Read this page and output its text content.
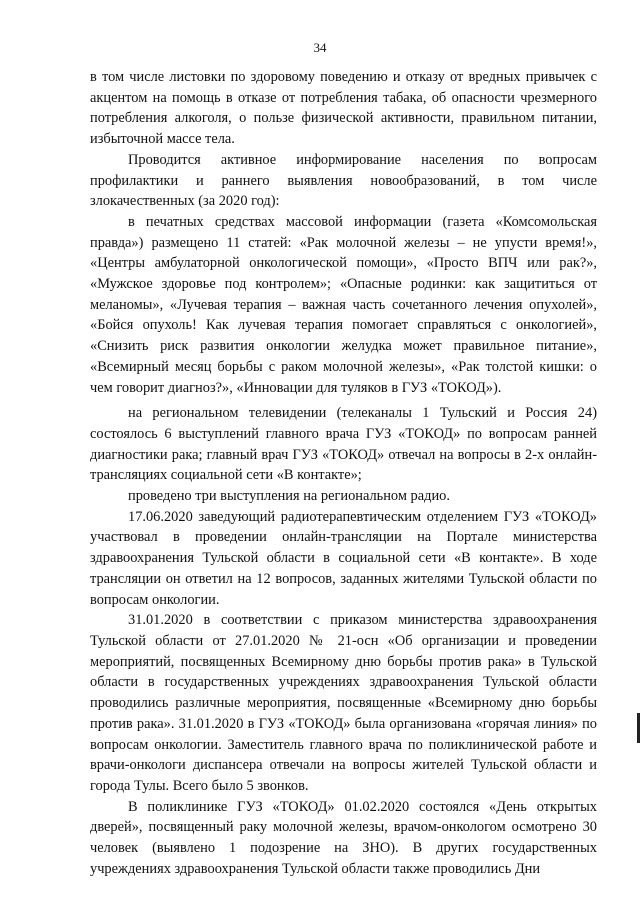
34

в том числе листовки по здоровому поведению и отказу от вредных привычек с акцентом на помощь в отказе от потребления табака, об опасности чрезмерного потребления алкоголя, о пользе физической активности, правильном питании, избыточной массе тела.

Проводится активное информирование населения по вопросам профилактики и раннего выявления новообразований, в том числе злокачественных (за 2020 год):

в печатных средствах массовой информации (газета «Комсомольская правда») размещено 11 статей: «Рак молочной железы – не упусти время!», «Центры амбулаторной онкологической помощи», «Просто ВПЧ или рак?», «Мужское здоровье под контролем»; «Опасные родинки: как защититься от меланомы», «Лучевая терапия – важная часть сочетанного лечения опухолей», «Бойся опухоль! Как лучевая терапия помогает справляться с онкологией», «Снизить риск развития онкологии желудка может правильное питание», «Всемирный месяц борьбы с раком молочной железы», «Рак толстой кишки: о чем говорит диагноз?», «Инновации для туляков в ГУЗ «ТОКОД»).

на региональном телевидении (телеканалы 1 Тульский и Россия 24) состоялось 6 выступлений главного врача ГУЗ «ТОКОД» по вопросам ранней диагностики рака; главный врач ГУЗ «ТОКОД» отвечал на вопросы в 2-х онлайн-трансляциях социальной сети «В контакте»;

проведено три выступления на региональном радио.

17.06.2020 заведующий радиотерапевтическим отделением ГУЗ «ТОКОД» участвовал в проведении онлайн-трансляции на Портале министерства здравоохранения Тульской области в социальной сети «В контакте». В ходе трансляции он ответил на 12 вопросов, заданных жителями Тульской области по вопросам онкологии.

31.01.2020 в соответствии с приказом министерства здравоохранения Тульской области от 27.01.2020 № 21-осн «Об организации и проведении мероприятий, посвященных Всемирному дню борьбы против рака» в Тульской области в государственных учреждениях здравоохранения Тульской области проводились различные мероприятия, посвященные «Всемирному дню борьбы против рака». 31.01.2020 в ГУЗ «ТОКОД» была организована «горячая линия» по вопросам онкологии. Заместитель главного врача по поликлинической работе и врачи-онкологи диспансера отвечали на вопросы жителей Тульской области и города Тулы. Всего было 5 звонков.

В поликлинике ГУЗ «ТОКОД» 01.02.2020 состоялся «День открытых дверей», посвященный раку молочной железы, врачом-онкологом осмотрено 30 человек (выявлено 1 подозрение на ЗНО). В других государственных учреждениях здравоохранения Тульской области также проводились Дни
